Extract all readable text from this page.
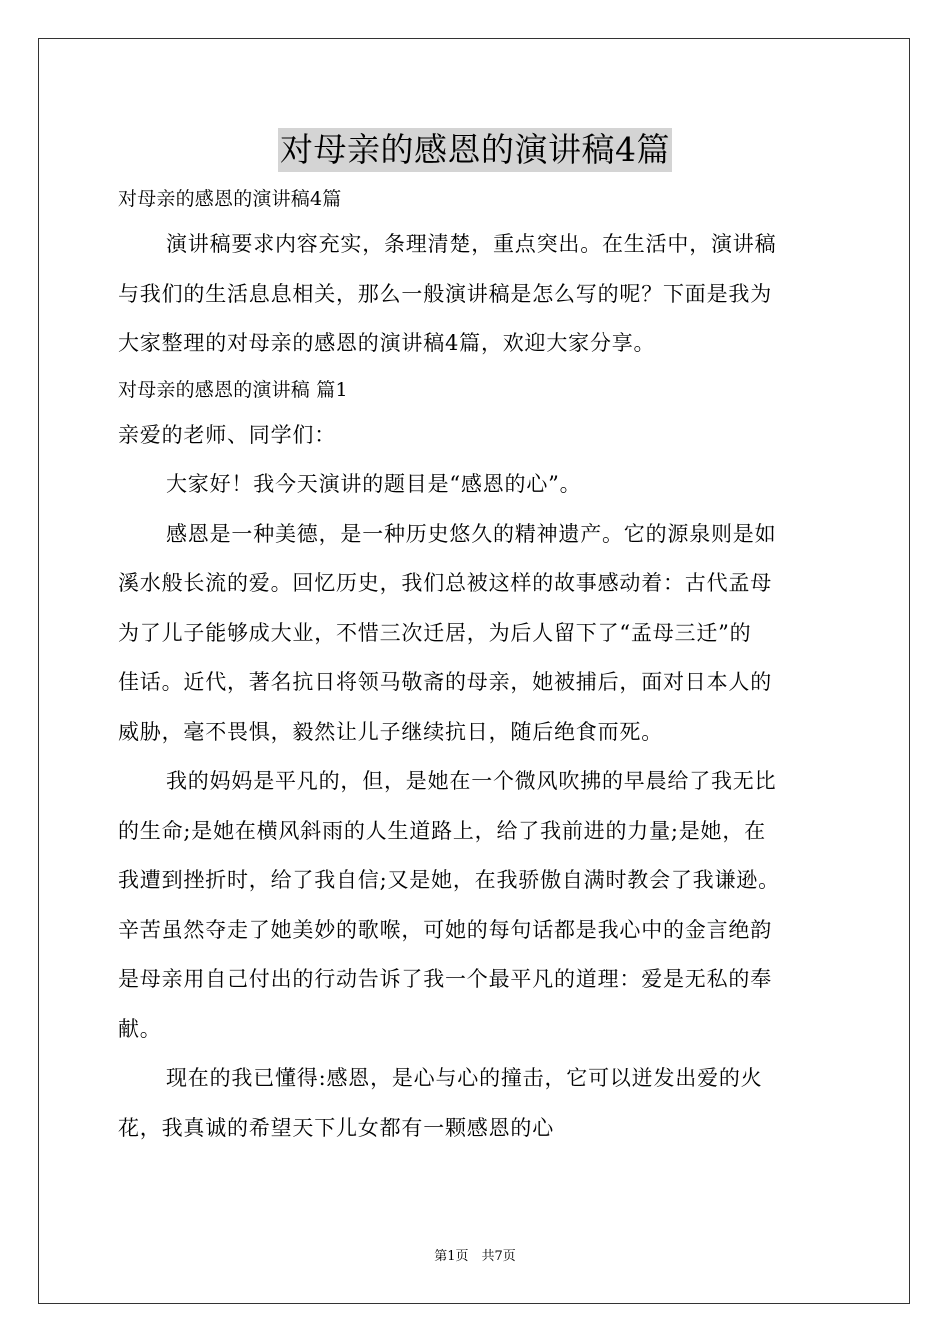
对母亲的感恩的演讲稿4篇
对母亲的感恩的演讲稿4篇
演讲稿要求内容充实，条理清楚，重点突出。在生活中，演讲稿
与我们的生活息息相关，那么一般演讲稿是怎么写的呢？下面是我为
大家整理的对母亲的感恩的演讲稿4篇，欢迎大家分享。
对母亲的感恩的演讲稿 篇1
亲爱的老师、同学们：
大家好！我今天演讲的题目是“感恩的心”。
感恩是一种美德，是一种历史悠久的精神遗产。它的源泉则是如
溪水般长流的爱。回忆历史，我们总被这样的故事感动着：古代孟母
为了儿子能够成大业，不惜三次迁居，为后人留下了“孟母三迁”的
佳话。近代，著名抗日将领马敬斋的母亲，她被捕后，面对日本人的
威胁，毫不畏惧，毅然让儿子继续抗日，随后绝食而死。
我的妈妈是平凡的，但，是她在一个微风吹拂的早晨给了我无比
的生命;是她在横风斜雨的人生道路上，给了我前进的力量;是她，在
我遭到挫折时，给了我自信;又是她，在我骄傲自满时教会了我谦逊。
辛苦虽然夺走了她美妙的歌喉，可她的每句话都是我心中的金言绝韵
是母亲用自己付出的行动告诉了我一个最平凡的道理：爱是无私的奉
献。
现在的我已懂得:感恩，是心与心的撞击，它可以迸发出爱的火
花，我真诚的希望天下儿女都有一颗感恩的心
第1页　共7页
